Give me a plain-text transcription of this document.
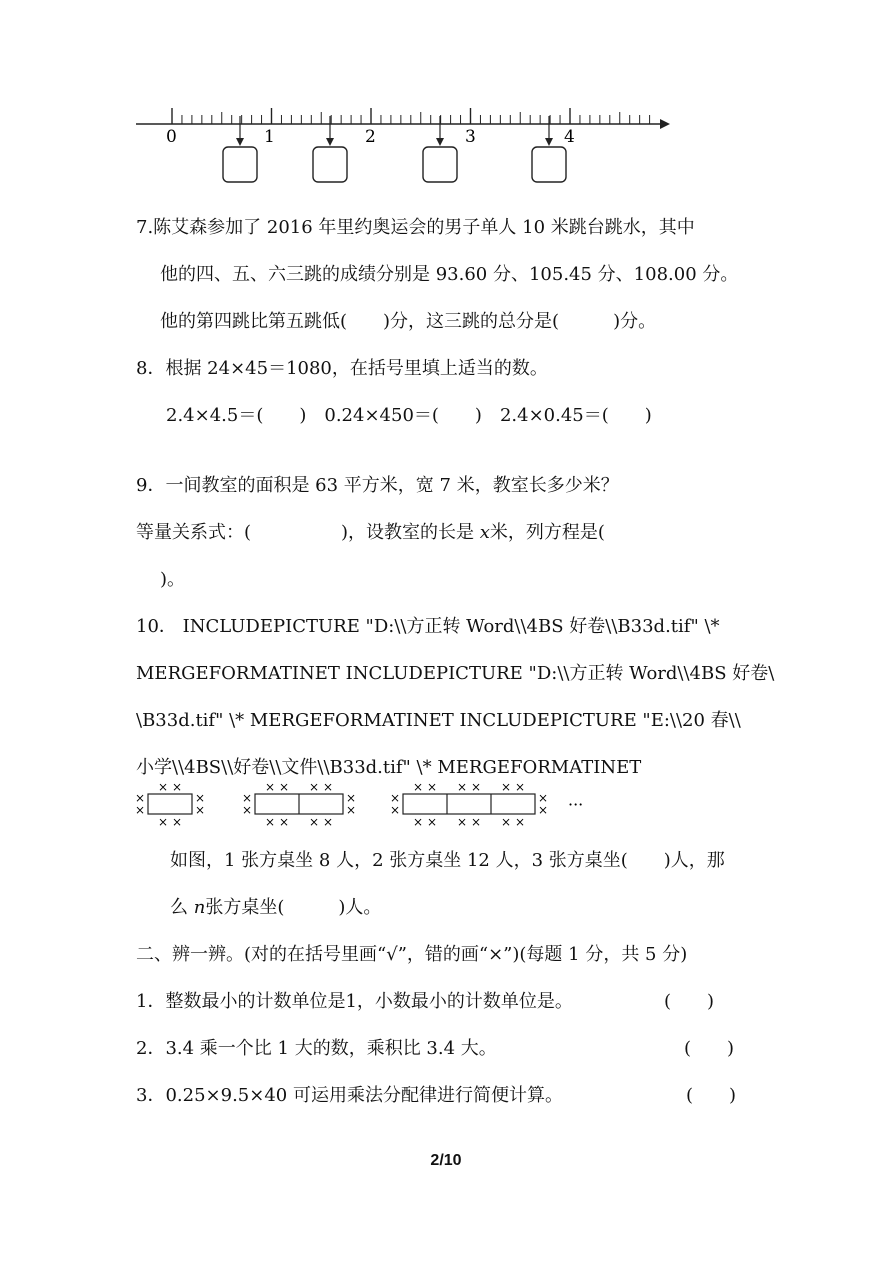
0	1	2	3	4
7.陈艾森参加了 2016 年里约奥运会的男子单人 10 米跳台跳水，其中
他的四、五、六三跳的成绩分别是 93.60 分、105.45 分、108.00 分。
他的第四跳比第五跳低(　　)分，这三跳的总分是(　　　)分。
8．根据 24×45＝1080，在括号里填上适当的数。
2.4×4.5＝(　　)　0.24×450＝(　　)　2.4×0.45＝(　　)
9．一间教室的面积是 63 平方米，宽 7 米，教室长多少米？
等量关系式：(　　　　　)，设教室的长是 x米，列方程是(
)。
10． INCLUDEPICTURE "D:\\方正转 Word\\4BS 好卷\\B33d.tif" \*
MERGEFORMATINET INCLUDEPICTURE "D:\\方正转 Word\\4BS 好卷\
\B33d.tif" \* MERGEFORMATINET INCLUDEPICTURE "E:\\20 春\\
小学\\4BS\\好卷\\文件\\B33d.tif" \* MERGEFORMATINET
× ×
× ×
×
×
×
×
× ×
× ×
× ×
× ×
×
×
×
×
× ×
× ×
× ×
× ×
× ×
× ×
×
×
×
× ···
如图，1 张方桌坐 8 人，2 张方桌坐 12 人，3 张方桌坐(　　)人，那
么 n张方桌坐(　　　)人。
二、辨一辨。(对的在括号里画“√”，错的画“×”)(每题 1 分，共 5 分)
1．整数最小的计数单位是1，小数最小的计数单位是。	(　　)
2．3.4 乘一个比 1 大的数，乘积比 3.4 大。	(　　)
3．0.25×9.5×40 可运用乘法分配律进行简便计算。	(　　)
2/10
